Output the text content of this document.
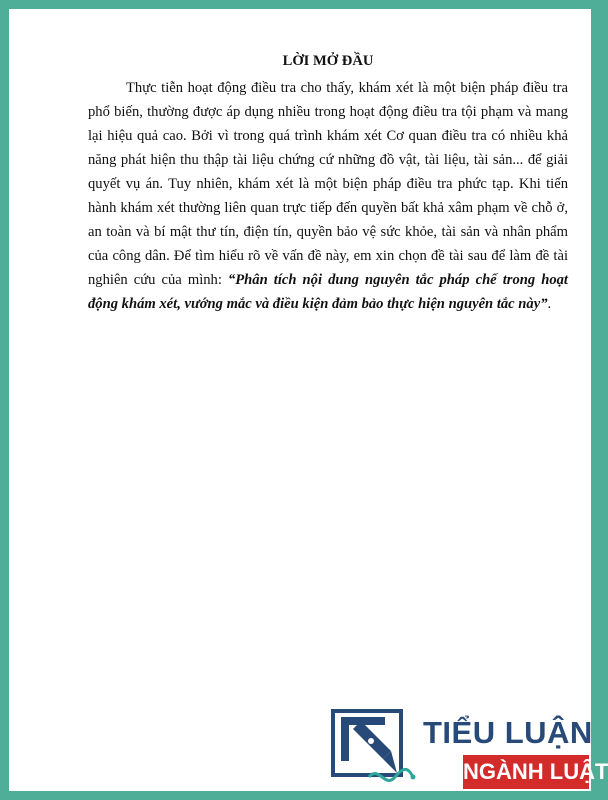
LỜI MỞ ĐẦU

Thực tiễn hoạt động điều tra cho thấy, khám xét là một biện pháp điều tra phổ biến, thường được áp dụng nhiều trong hoạt động điều tra tội phạm và mang lại hiệu quả cao. Bởi vì trong quá trình khám xét Cơ quan điều tra có nhiều khả năng phát hiện thu thập tài liệu chứng cứ những đồ vật, tài liệu, tài sản... để giải quyết vụ án. Tuy nhiên, khám xét là một biện pháp điều tra phức tạp. Khi tiến hành khám xét thường liên quan trực tiếp đến quyền bất khả xâm phạm về chỗ ở, an toàn và bí mật thư tín, điện tín, quyền bảo vệ sức khỏe, tài sản và nhân phẩm của công dân. Để tìm hiểu rõ về vấn đề này, em xin chọn đề tài sau để làm đề tài nghiên cứu của mình: “Phân tích nội dung nguyên tắc pháp chế trong hoạt động khám xét, vướng mắc và điều kiện đảm bảo thực hiện nguyên tắc này”.

TIỂU LUẬN
NGÀNH LUẬT
